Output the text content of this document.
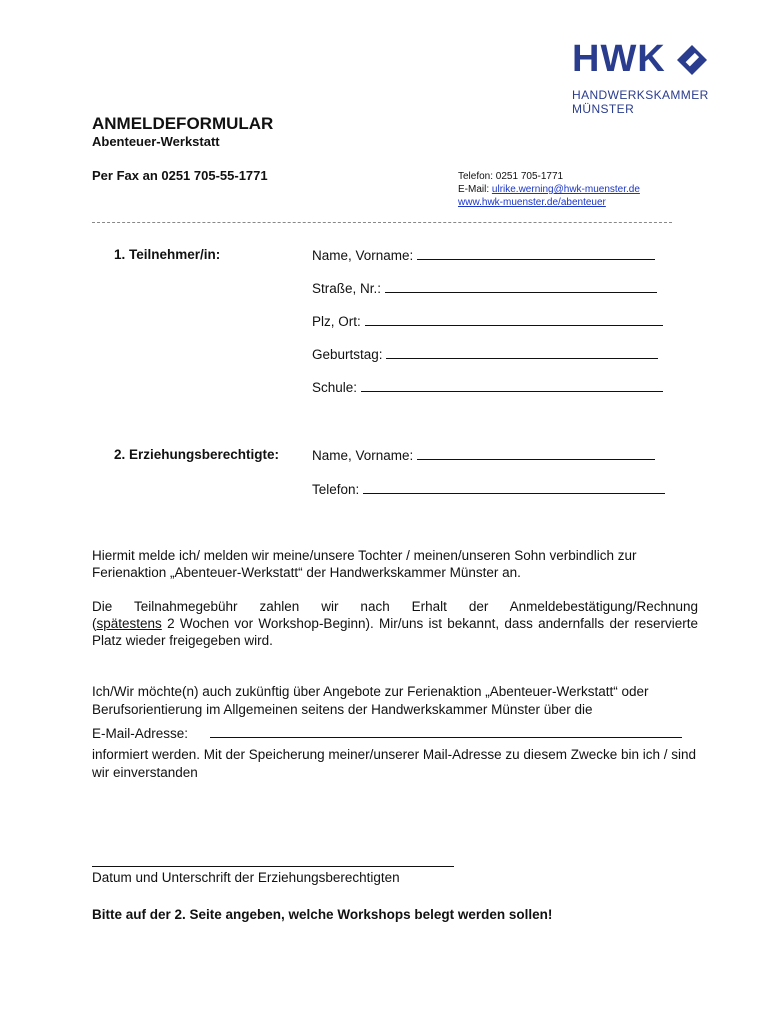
HWK
HANDWERKSKAMMER
MÜNSTER
ANMELDEFORMULAR
Abenteuer-Werkstatt
Per Fax an 0251 705-55-1771	Telefon: 0251 705-1771
E-Mail: ulrike.werning@hwk-muenster.de
www.hwk-muenster.de/abenteuer
1. Teilnehmer/in:	Name, Vorname:
Straße, Nr.:
Plz, Ort:
Geburtstag:
Schule:
2. Erziehungsberechtigte: Name, Vorname:
Telefon:
Hiermit melde ich/ melden wir meine/unsere Tochter / meinen/unseren Sohn verbindlich zur Ferienaktion „Abenteuer-Werkstatt“ der Handwerkskammer Münster an.
Die Teilnahmegebühr zahlen wir nach Erhalt der Anmeldebestätigung/Rechnung
(spätestens 2 Wochen vor Workshop-Beginn). Mir/uns ist bekannt, dass andernfalls der reservierte Platz wieder freigegeben wird.
Ich/Wir möchte(n) auch zukünftig über Angebote zur Ferienaktion „Abenteuer-Werkstatt“ oder Berufsorientierung im Allgemeinen seitens der Handwerkskammer Münster über die
E-Mail-Adresse:
informiert werden. Mit der Speicherung meiner/unserer Mail-Adresse zu diesem Zwecke bin ich / sind wir einverstanden
Datum und Unterschrift der Erziehungsberechtigten
Bitte auf der 2. Seite angeben, welche Workshops belegt werden sollen!
